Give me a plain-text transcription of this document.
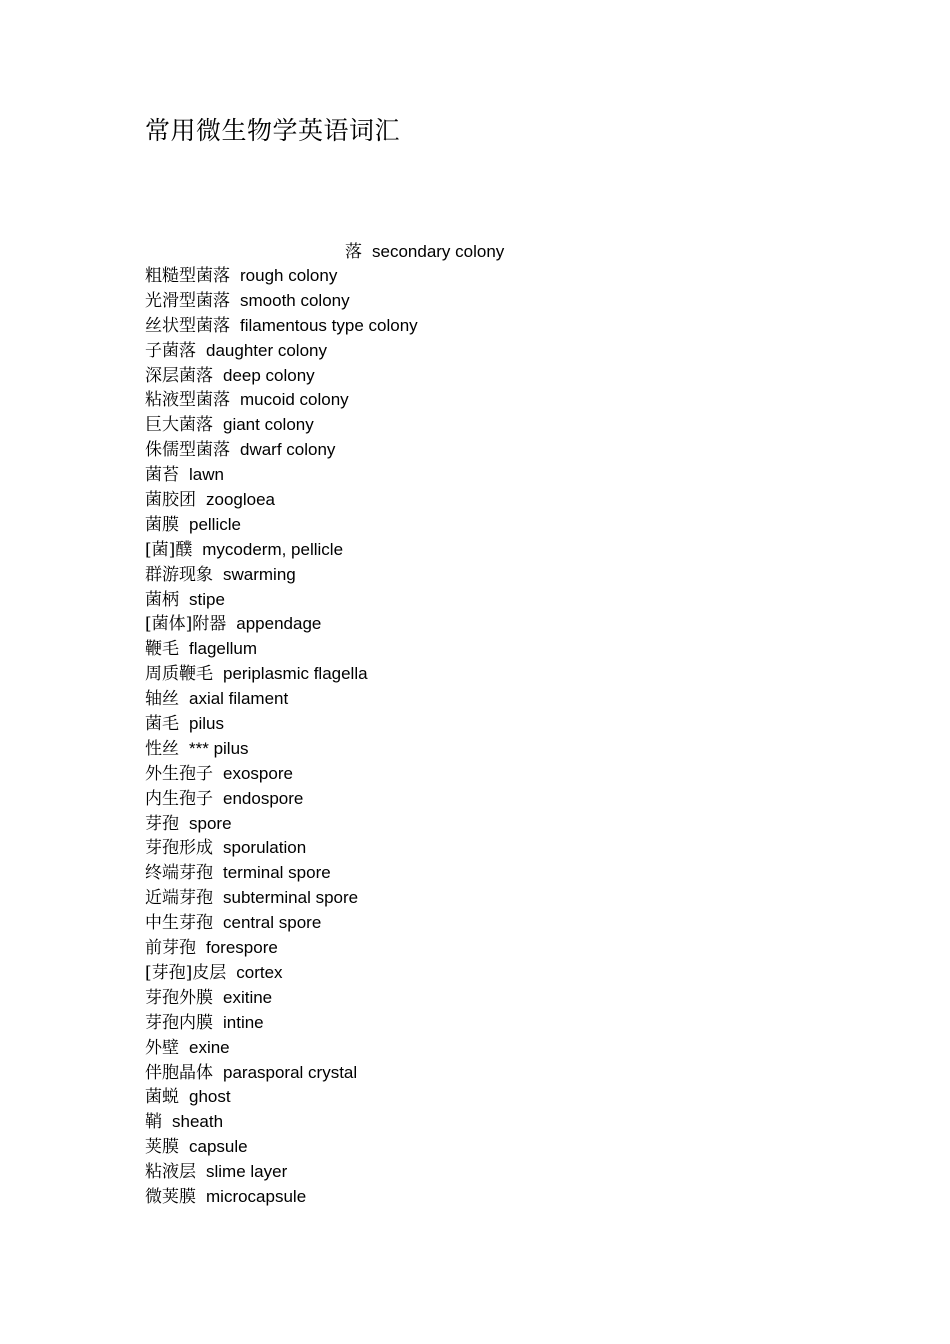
常用微生物学英语词汇
落 secondary colony
粗糙型菌落 rough colony
光滑型菌落 smooth colony
丝状型菌落 filamentous type colony
子菌落 daughter colony
深层菌落 deep colony
粘液型菌落 mucoid colony
巨大菌落 giant colony
侏儒型菌落 dwarf colony
菌苔 lawn
菌胶团 zoogloea
菌膜 pellicle
[菌]醭 mycoderm, pellicle
群游现象 swarming
菌柄 stipe
[菌体]附器 appendage
鞭毛 flagellum
周质鞭毛 periplasmic flagella
轴丝 axial filament
菌毛 pilus
性丝 *** pilus
外生孢子 exospore
内生孢子 endospore
芽孢 spore
芽孢形成 sporulation
终端芽孢 terminal spore
近端芽孢 subterminal spore
中生芽孢 central spore
前芽孢 forespore
[芽孢]皮层 cortex
芽孢外膜 exitine
芽孢内膜 intine
外壁 exine
伴胞晶体 parasporal crystal
菌蜕 ghost
鞘 sheath
荚膜 capsule
粘液层 slime layer
微荚膜 microcapsule
